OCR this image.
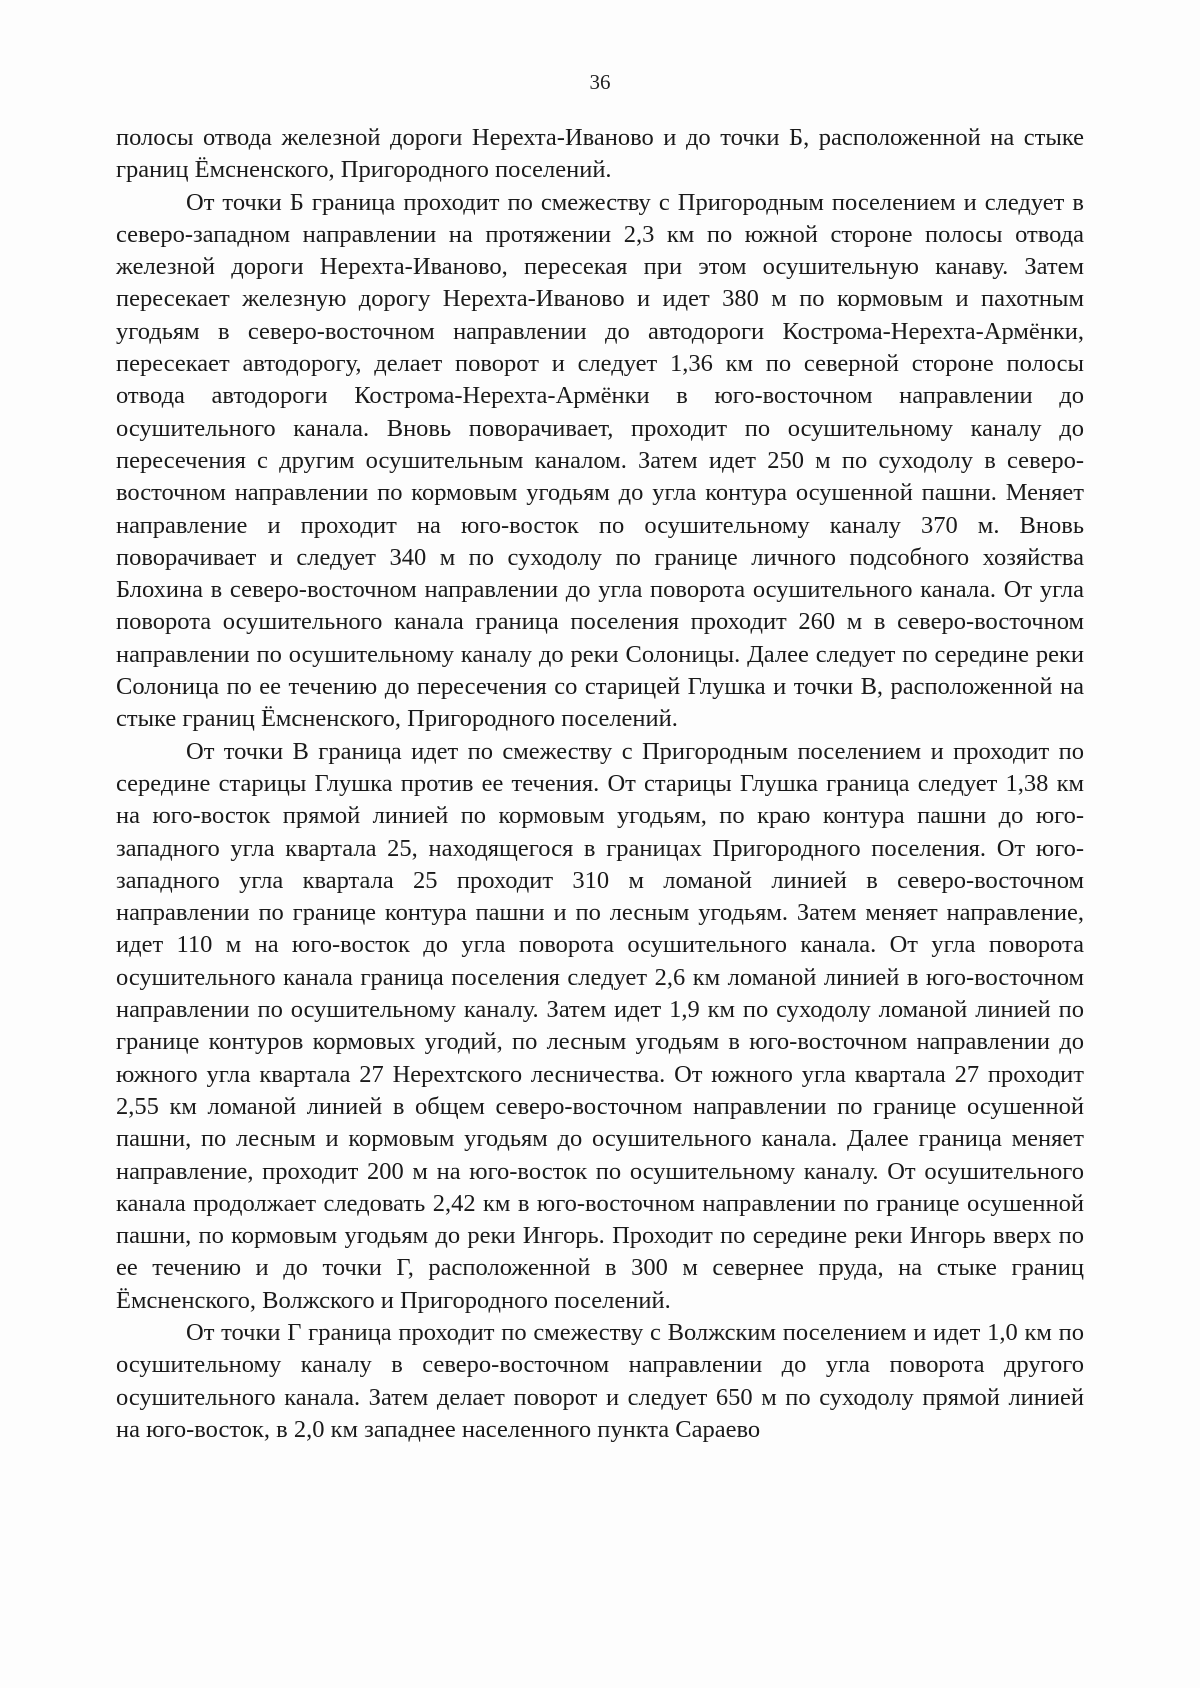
36

полосы отвода железной дороги Нерехта-Иваново и до точки Б, расположенной на стыке границ Ёмсненского, Пригородного поселений.

От точки Б граница проходит по смежеству с Пригородным поселением и следует в северо-западном направлении на протяжении 2,3 км по южной стороне полосы отвода железной дороги Нерехта-Иваново, пересекая при этом осушительную канаву. Затем пересекает железную дорогу Нерехта-Иваново и идет 380 м по кормовым и пахотным угодьям в северо-восточном направлении до автодороги Кострома-Нерехта-Армёнки, пересекает автодорогу, делает поворот и следует 1,36 км по северной стороне полосы отвода автодороги Кострома-Нерехта-Армёнки в юго-восточном направлении до осушительного канала. Вновь поворачивает, проходит по осушительному каналу до пересечения с другим осушительным каналом. Затем идет 250 м по суходолу в северо-восточном направлении по кормовым угодьям до угла контура осушенной пашни. Меняет направление и проходит на юго-восток по осушительному каналу 370 м. Вновь поворачивает и следует 340 м по суходолу по границе личного подсобного хозяйства Блохина в северо-восточном направлении до угла поворота осушительного канала. От угла поворота осушительного канала граница поселения проходит 260 м в северо-восточном направлении по осушительному каналу до реки Солоницы. Далее следует по середине реки Солоница по ее течению до пересечения со старицей Глушка и точки В, расположенной на стыке границ Ёмсненского, Пригородного поселений.

От точки В граница идет по смежеству с Пригородным поселением и проходит по середине старицы Глушка против ее течения. От старицы Глушка граница следует 1,38 км на юго-восток прямой линией по кормовым угодьям, по краю контура пашни до юго-западного угла квартала 25, находящегося в границах Пригородного поселения. От юго-западного угла квартала 25 проходит 310 м ломаной линией в северо-восточном направлении по границе контура пашни и по лесным угодьям. Затем меняет направление, идет 110 м на юго-восток до угла поворота осушительного канала. От угла поворота осушительного канала граница поселения следует 2,6 км ломаной линией в юго-восточном направлении по осушительному каналу. Затем идет 1,9 км по суходолу ломаной линией по границе контуров кормовых угодий, по лесным угодьям в юго-восточном направлении до южного угла квартала 27 Нерехтского лесничества. От южного угла квартала 27 проходит 2,55 км ломаной линией в общем северо-восточном направлении по границе осушенной пашни, по лесным и кормовым угодьям до осушительного канала. Далее граница меняет направление, проходит 200 м на юго-восток по осушительному каналу. От осушительного канала продолжает следовать 2,42 км в юго-восточном направлении по границе осушенной пашни, по кормовым угодьям до реки Ингорь. Проходит по середине реки Ингорь вверх по ее течению и до точки Г, расположенной в 300 м севернее пруда, на стыке границ Ёмсненского, Волжского и Пригородного поселений.

От точки Г граница проходит по смежеству с Волжским поселением и идет 1,0 км по осушительному каналу в северо-восточном направлении до угла поворота другого осушительного канала. Затем делает поворот и следует 650 м по суходолу прямой линией на юго-восток, в 2,0 км западнее населенного пункта Сараево
